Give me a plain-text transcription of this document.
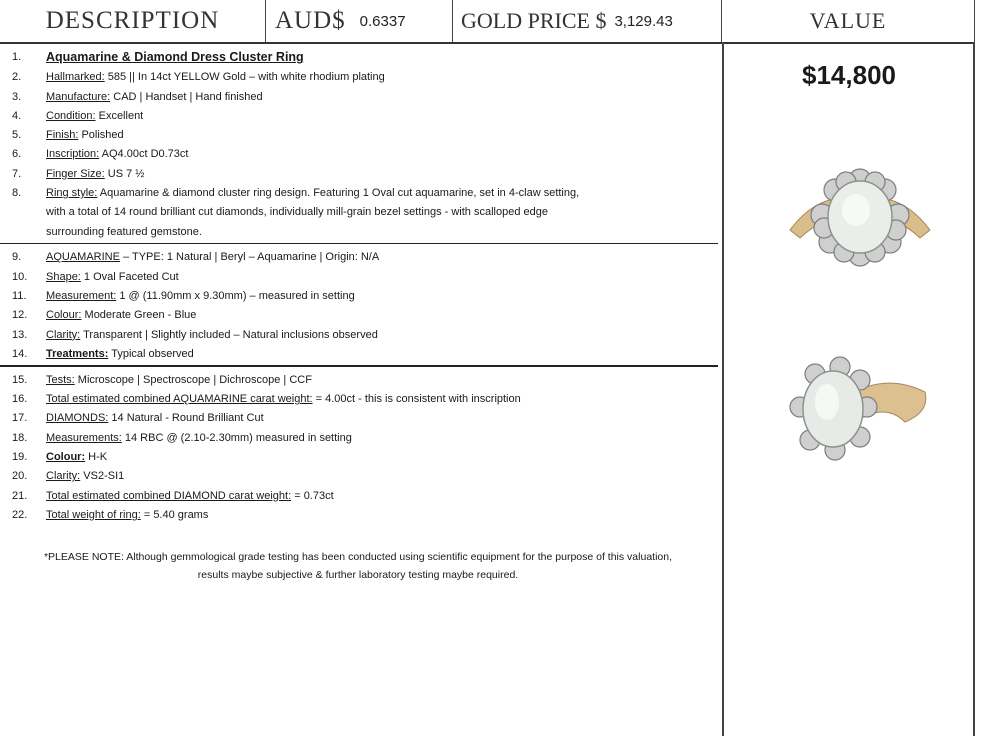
DESCRIPTION AUD$ 0.6337	GOLD PRICE $ 3,129.43	VALUE
1.	Aquamarine & Diamond Dress Cluster Ring
2.	Hallmarked: 585 || In 14ct YELLOW Gold – with white rhodium plating
3.	Manufacture: CAD | Handset | Hand finished
4.	Condition: Excellent
5.	Finish: Polished
6.	Inscription: AQ4.00ct D0.73ct
7.	Finger Size: US 7 ½
8.	Ring style: Aquamarine & diamond cluster ring design. Featuring 1 Oval cut aquamarine, set in 4-claw setting,
with a total of 14 round brilliant cut diamonds, individually mill-grain bezel settings - with scalloped edge
surrounding featured gemstone.
9.	AQUAMARINE – TYPE: 1 Natural | Beryl – Aquamarine | Origin: N/A
10.	Shape: 1 Oval Faceted Cut
11.	Measurement: 1 @ (11.90mm x 9.30mm) – measured in setting
12.	Colour: Moderate Green - Blue
13.	Clarity: Transparent | Slightly included – Natural inclusions observed
14.	Treatments: Typical observed
15.	Tests: Microscope | Spectroscope | Dichroscope | CCF
16.	Total estimated combined AQUAMARINE carat weight: = 4.00ct - this is consistent with inscription
17.	DIAMONDS: 14 Natural - Round Brilliant Cut
18.	Measurements: 14 RBC @ (2.10-2.30mm) measured in setting
19.	Colour: H-K
20.	Clarity: VS2-SI1
21.	Total estimated combined DIAMOND carat weight: = 0.73ct
22.	Total weight of ring: = 5.40 grams
*PLEASE NOTE: Although gemmological grade testing has been conducted using scientific equipment for the purpose of this valuation,
results maybe subjective & further laboratory testing maybe required.
$14,800
